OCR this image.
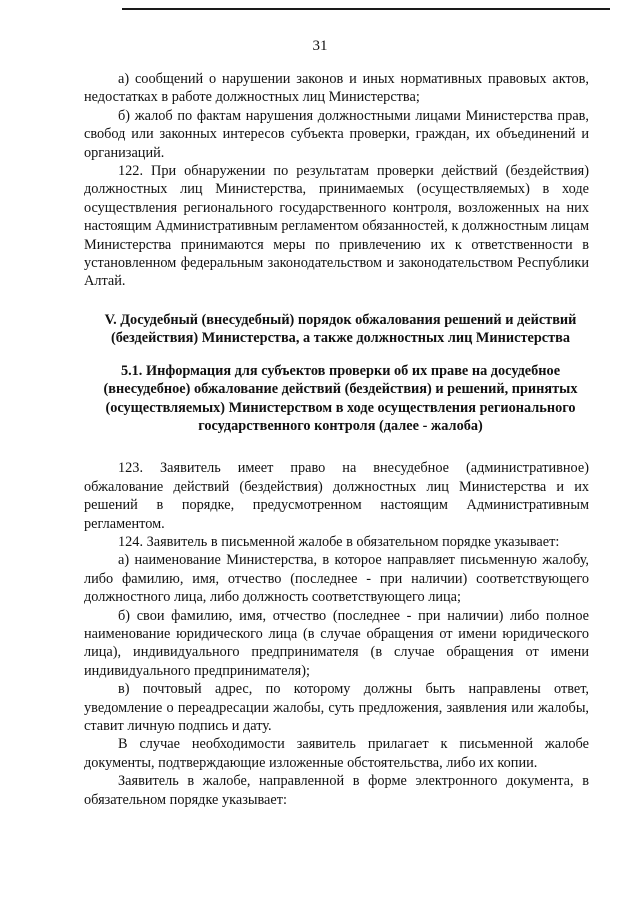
31

а) сообщений о нарушении законов и иных нормативных правовых актов, недостатках в работе должностных лиц Министерства;

б) жалоб по фактам нарушения должностными лицами Министерства прав, свобод или законных интересов субъекта проверки, граждан, их объединений и организаций.

122. При обнаружении по результатам проверки действий (бездействия) должностных лиц Министерства, принимаемых (осуществляемых) в ходе осуществления регионального государственного контроля, возложенных на них настоящим Административным регламентом обязанностей, к должностным лицам Министерства принимаются меры по привлечению их к ответственности в установленном федеральным законодательством и законодательством Республики Алтай.

V. Досудебный (внесудебный) порядок обжалования решений и действий (бездействия) Министерства, а также должностных лиц Министерства

5.1. Информация для субъектов проверки об их праве на досудебное (внесудебное) обжалование действий (бездействия) и решений, принятых (осуществляемых) Министерством в ходе осуществления регионального государственного контроля (далее - жалоба)

123. Заявитель имеет право на внесудебное (административное) обжалование действий (бездействия) должностных лиц Министерства и их решений в порядке, предусмотренном настоящим Административным регламентом.

124. Заявитель в письменной жалобе в обязательном порядке указывает:

а) наименование Министерства, в которое направляет письменную жалобу, либо фамилию, имя, отчество (последнее - при наличии) соответствующего должностного лица, либо должность соответствующего лица;

б) свои фамилию, имя, отчество (последнее - при наличии) либо полное наименование юридического лица (в случае обращения от имени юридического лица), индивидуального предпринимателя (в случае обращения от имени индивидуального предпринимателя);

в) почтовый адрес, по которому должны быть направлены ответ, уведомление о переадресации жалобы, суть предложения, заявления или жалобы, ставит личную подпись и дату.

В случае необходимости заявитель прилагает к письменной жалобе документы, подтверждающие изложенные обстоятельства, либо их копии.

Заявитель в жалобе, направленной в форме электронного документа, в обязательном порядке указывает:
